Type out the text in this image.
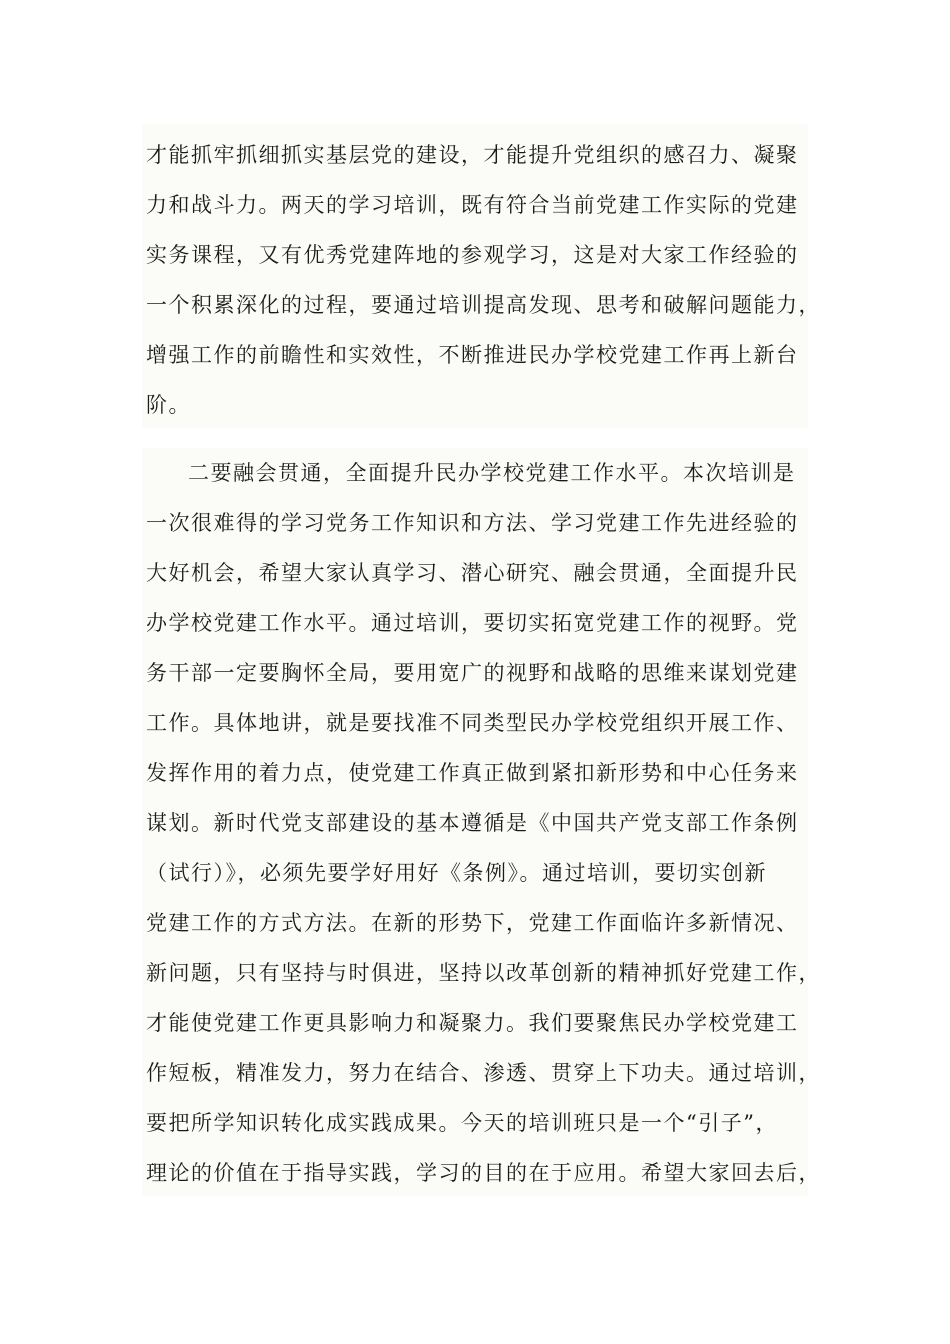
才能抓牢抓细抓实基层党的建设，才能提升党组织的感召力、凝聚
力和战斗力。两天的学习培训，既有符合当前党建工作实际的党建
实务课程，又有优秀党建阵地的参观学习，这是对大家工作经验的
一个积累深化的过程，要通过培训提高发现、思考和破解问题能力，
增强工作的前瞻性和实效性，不断推进民办学校党建工作再上新台
阶。
二要融会贯通，全面提升民办学校党建工作水平。本次培训是
一次很难得的学习党务工作知识和方法、学习党建工作先进经验的
大好机会，希望大家认真学习、潜心研究、融会贯通，全面提升民
办学校党建工作水平。通过培训，要切实拓宽党建工作的视野。党
务干部一定要胸怀全局，要用宽广的视野和战略的思维来谋划党建
工作。具体地讲，就是要找准不同类型民办学校党组织开展工作、
发挥作用的着力点，使党建工作真正做到紧扣新形势和中心任务来
谋划。新时代党支部建设的基本遵循是《中国共产党支部工作条例
（试行）》，必须先要学好用好《条例》。通过培训，要切实创新
党建工作的方式方法。在新的形势下，党建工作面临许多新情况、
新问题，只有坚持与时俱进，坚持以改革创新的精神抓好党建工作，
才能使党建工作更具影响力和凝聚力。我们要聚焦民办学校党建工
作短板，精准发力，努力在结合、渗透、贯穿上下功夫。通过培训，
要把所学知识转化成实践成果。今天的培训班只是一个“引子”，
理论的价值在于指导实践，学习的目的在于应用。希望大家回去后，
